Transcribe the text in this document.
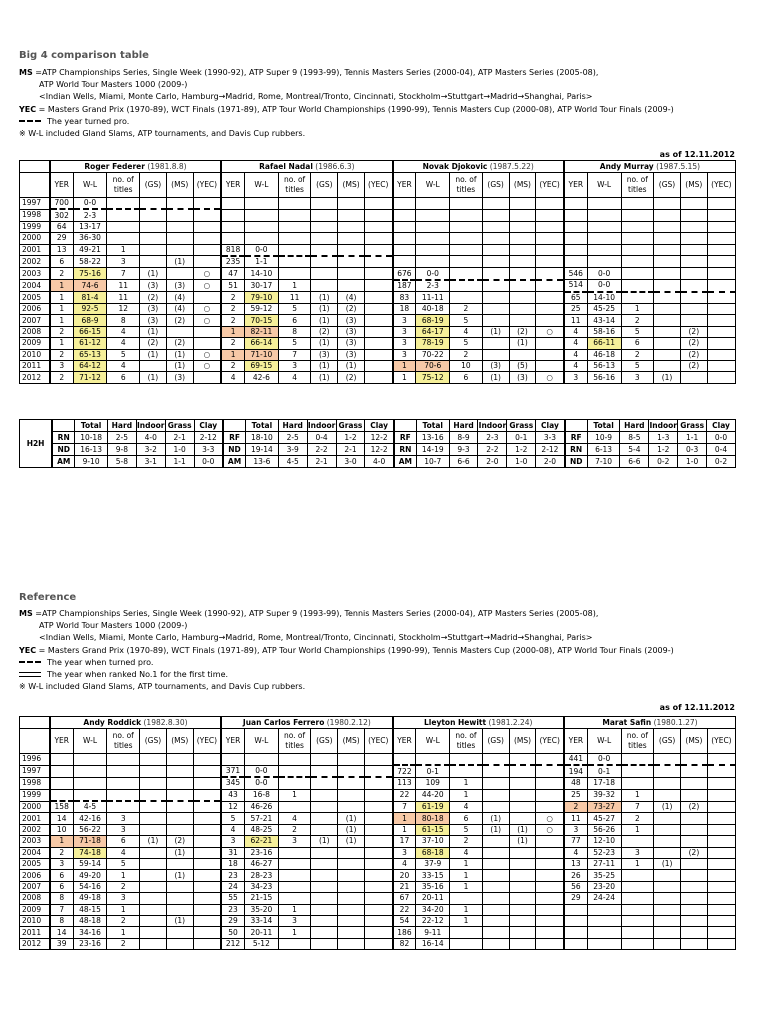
Big 4 comparison table
MS =ATP Championships Series, Single Week (1990-92), ATP Super 9 (1993-99), Tennis Masters Series (2000-04), ATP Masters Series (2005-08),
ATP World Tour Masters 1000 (2009-)
<Indian Wells, Miami, Monte Carlo, Hamburg→Madrid, Rome, Montreal/Tronto, Cincinnati, Stockholm→Stuttgart→Madrid→Shanghai, Paris>
YEC = Masters Grand Prix (1970-89), WCT Finals (1971-89), ATP Tour World Championships (1990-99), Tennis Masters Cup (2000-08), ATP World Tour Finals (2009-)
The year turned pro.
※ W-L included Gland Slams, ATP tournaments, and Davis Cup rubbers.
as of 12.11.2012
	Roger Federer (1981.8.8)						Rafael Nadal (1986.6.3)						Novak Djokovic (1987.5.22)						Andy Murray (1987.5.15)					
	YER	W-L	no. of titles	(GS)	(MS)	(YEC)	YER	W-L	no. of titles	(GS)	(MS)	(YEC)	YER	W-L	no. of titles	(GS)	(MS)	(YEC)	YER	W-L	no. of titles	(GS)	(MS)	(YEC)
1997	700	0-0																						
1998	302	2-3																						
1999	64	13-17																						
2000	29	36-30																						
2001	13	49-21	1				818	0-0																
2002	6	58-22	3		(1)		235	1-1																
2003	2	75-16	7	(1)		○	47	14-10					676	0-0					546	0-0				
2004	1	74-6	11	(3)	(3)	○	51	30-17	1				187	2-3					514	0-0				
2005	1	81-4	11	(2)	(4)		2	79-10	11	(1)	(4)		83	11-11					65	14-10				
2006	1	92-5	12	(3)	(4)	○	2	59-12	5	(1)	(2)		18	40-18	2				25	45-25	1			
2007	1	68-9	8	(3)	(2)	○	2	70-15	6	(1)	(3)		3	68-19	5				11	43-14	2			
2008	2	66-15	4	(1)			1	82-11	8	(2)	(3)		3	64-17	4	(1)	(2)	○	4	58-16	5		(2)	
2009	1	61-12	4	(2)	(2)		2	66-14	5	(1)	(3)		3	78-19	5		(1)		4	66-11	6		(2)	
2010	2	65-13	5	(1)	(1)	○	1	71-10	7	(3)	(3)		3	70-22	2				4	46-18	2		(2)	
2011	3	64-12	4		(1)	○	2	69-15	3	(1)	(1)		1	70-6	10	(3)	(5)		4	56-13	5		(2)	
2012	2	71-12	6	(1)	(3)		4	42-6	4	(1)	(2)		1	75-12	6	(1)	(3)	○	3	56-16	3	(1)		
H2H		Total	Hard	Indoor	Grass	Clay		Total	Hard	Indoor	Grass	Clay		Total	Hard	Indoor	Grass	Clay		Total	Hard	Indoor	Grass	Clay
	RN	10-18	2-5	4-0	2-1	2-12	RF	18-10	2-5	0-4	1-2	12-2	RF	13-16	8-9	2-3	0-1	3-3	RF	10-9	8-5	1-3	1-1	0-0
	ND	16-13	9-8	3-2	1-0	3-3	ND	19-14	3-9	2-2	2-1	12-2	RN	14-19	9-3	2-2	1-2	2-12	RN	6-13	5-4	1-2	0-3	0-4
	AM	9-10	5-8	3-1	1-1	0-0	AM	13-6	4-5	2-1	3-0	4-0	AM	10-7	6-6	2-0	1-0	2-0	ND	7-10	6-6	0-2	1-0	0-2
Reference
MS =ATP Championships Series, Single Week (1990-92), ATP Super 9 (1993-99), Tennis Masters Series (2000-04), ATP Masters Series (2005-08),
ATP World Tour Masters 1000 (2009-)
<Indian Wells, Miami, Monte Carlo, Hamburg→Madrid, Rome, Montreal/Tronto, Cincinnati, Stockholm→Stuttgart→Madrid→Shanghai, Paris>
YEC = Masters Grand Prix (1970-89), WCT Finals (1971-89), ATP Tour World Championships (1990-99), Tennis Masters Cup (2000-08), ATP World Tour Finals (2009-)
The year when turned pro.
The year when ranked No.1 for the first time.
※ W-L included Gland Slams, ATP tournaments, and Davis Cup rubbers.
as of 12.11.2012
	Andy Roddick (1982.8.30)						Juan Carlos Ferrero (1980.2.12)						Lleyton Hewitt (1981.2.24)						Marat Safin (1980.1.27)					
	YER	W-L	no. of titles	(GS)	(MS)	(YEC)	YER	W-L	no. of titles	(GS)	(MS)	(YEC)	YER	W-L	no. of titles	(GS)	(MS)	(YEC)	YER	W-L	no. of titles	(GS)	(MS)	(YEC)
1996																			441	0-0				
1997							371	0-0					722	0-1					194	0-1				
1998							345	0-0					113	109	1				48	17-18				
1999							43	16-8	1				22	44-20	1				25	39-32	1			
2000	158	4-5					12	46-26					7	61-19	4				2	73-27	7	(1)	(2)	
2001	14	42-16	3				5	57-21	4		(1)		1	80-18	6	(1)		○	11	45-27	2			
2002	10	56-22	3				4	48-25	2		(1)		1	61-15	5	(1)	(1)	○	3	56-26	1			
2003	1	71-18	6	(1)	(2)		3	62-21	3	(1)	(1)		17	37-10	2		(1)		77	12-10				
2004	2	74-18	4		(1)		31	23-16					3	68-18	4				4	52-23	3		(2)	
2005	3	59-14	5				18	46-27					4	37-9	1				13	27-11	1	(1)		
2006	6	49-20	1		(1)		23	28-23					20	33-15	1				26	35-25				
2007	6	54-16	2				24	34-23					21	35-16	1				56	23-20				
2008	8	49-18	3				55	21-15					67	20-11					29	24-24				
2009	7	48-15	1				23	35-20	1				22	34-20	1									
2010	8	48-18	2		(1)		29	33-14	3				54	22-12	1									
2011	14	34-16	1				50	20-11	1				186	9-11										
2012	39	23-16	2				212	5-12					82	16-14										
